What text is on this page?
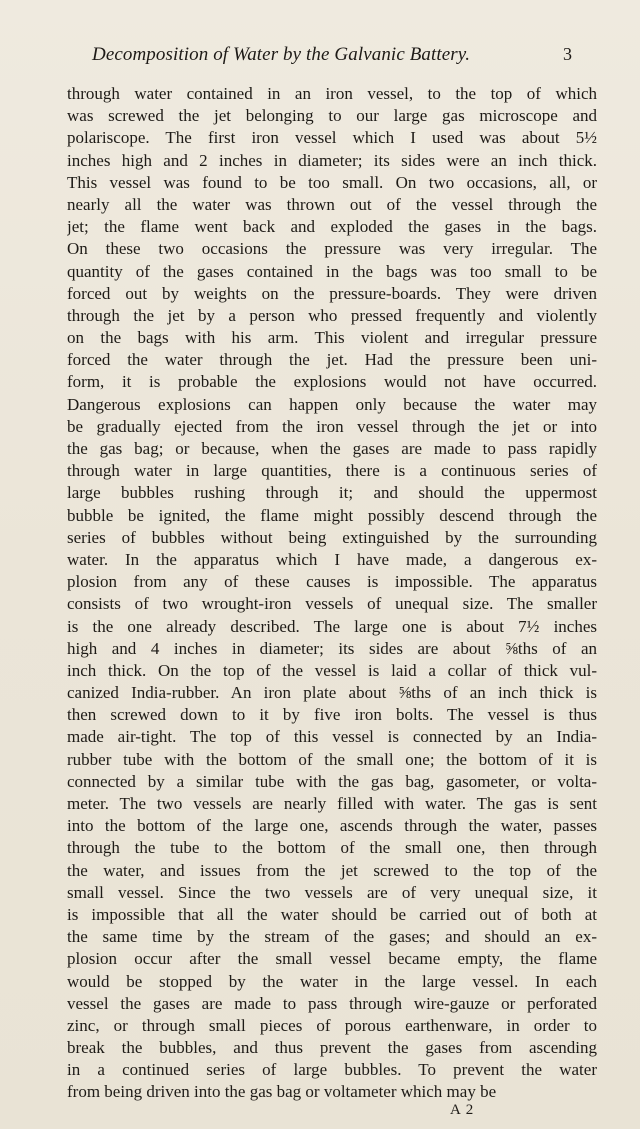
Decomposition of Water by the Galvanic Battery.	3
through water contained in an iron vessel, to the top of which
was screwed the jet belonging to our large gas microscope and
polariscope. The first iron vessel which I used was about 5½
inches high and 2 inches in diameter; its sides were an inch thick.
This vessel was found to be too small. On two occasions, all, or
nearly all the water was thrown out of the vessel through the
jet; the flame went back and exploded the gases in the bags.
On these two occasions the pressure was very irregular. The
quantity of the gases contained in the bags was too small to be
forced out by weights on the pressure-boards. They were driven
through the jet by a person who pressed frequently and violently
on the bags with his arm. This violent and irregular pressure
forced the water through the jet. Had the pressure been uni-
form, it is probable the explosions would not have occurred.
Dangerous explosions can happen only because the water may
be gradually ejected from the iron vessel through the jet or into
the gas bag; or because, when the gases are made to pass rapidly
through water in large quantities, there is a continuous series of
large bubbles rushing through it; and should the uppermost
bubble be ignited, the flame might possibly descend through the
series of bubbles without being extinguished by the surrounding
water. In the apparatus which I have made, a dangerous ex-
plosion from any of these causes is impossible. The apparatus
consists of two wrought-iron vessels of unequal size. The smaller
is the one already described. The large one is about 7½ inches
high and 4 inches in diameter; its sides are about ⅝ths of an
inch thick. On the top of the vessel is laid a collar of thick vul-
canized India-rubber. An iron plate about ⅝ths of an inch thick is
then screwed down to it by five iron bolts. The vessel is thus
made air-tight. The top of this vessel is connected by an India-
rubber tube with the bottom of the small one; the bottom of it is
connected by a similar tube with the gas bag, gasometer, or volta-
meter. The two vessels are nearly filled with water. The gas is sent
into the bottom of the large one, ascends through the water, passes
through the tube to the bottom of the small one, then through
the water, and issues from the jet screwed to the top of the
small vessel. Since the two vessels are of very unequal size, it
is impossible that all the water should be carried out of both at
the same time by the stream of the gases; and should an ex-
plosion occur after the small vessel became empty, the flame
would be stopped by the water in the large vessel. In each
vessel the gases are made to pass through wire-gauze or perforated
zinc, or through small pieces of porous earthenware, in order to
break the bubbles, and thus prevent the gases from ascending
in a continued series of large bubbles. To prevent the water
from being driven into the gas bag or voltameter which may be
A 2
